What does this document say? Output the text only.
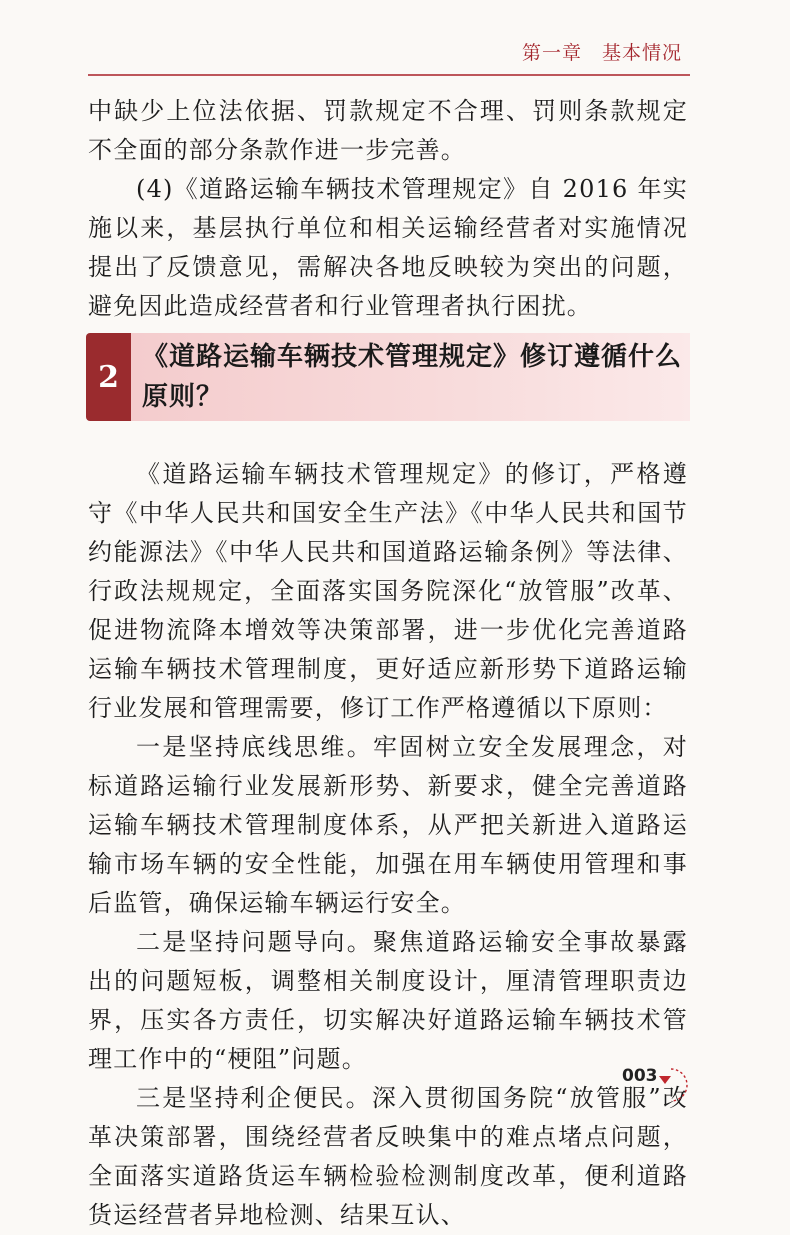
第一章　基本情况

中缺少上位法依据、罚款规定不合理、罚则条款规定不全面的部分条款作进一步完善。

(4)《道路运输车辆技术管理规定》自 2016 年实施以来，基层执行单位和相关运输经营者对实施情况提出了反馈意见，需解决各地反映较为突出的问题，避免因此造成经营者和行业管理者执行困扰。

2
《道路运输车辆技术管理规定》修订遵循什么原则？

《道路运输车辆技术管理规定》的修订，严格遵守《中华人民共和国安全生产法》《中华人民共和国节约能源法》《中华人民共和国道路运输条例》等法律、行政法规规定，全面落实国务院深化“放管服”改革、促进物流降本增效等决策部署，进一步优化完善道路运输车辆技术管理制度，更好适应新形势下道路运输行业发展和管理需要，修订工作严格遵循以下原则：

一是坚持底线思维。牢固树立安全发展理念，对标道路运输行业发展新形势、新要求，健全完善道路运输车辆技术管理制度体系，从严把关新进入道路运输市场车辆的安全性能，加强在用车辆使用管理和事后监管，确保运输车辆运行安全。

二是坚持问题导向。聚焦道路运输安全事故暴露出的问题短板，调整相关制度设计，厘清管理职责边界，压实各方责任，切实解决好道路运输车辆技术管理工作中的“梗阻”问题。

三是坚持利企便民。深入贯彻国务院“放管服”改革决策部署，围绕经营者反映集中的难点堵点问题，全面落实道路货运车辆检验检测制度改革，便利道路货运经营者异地检测、结果互认、

003
